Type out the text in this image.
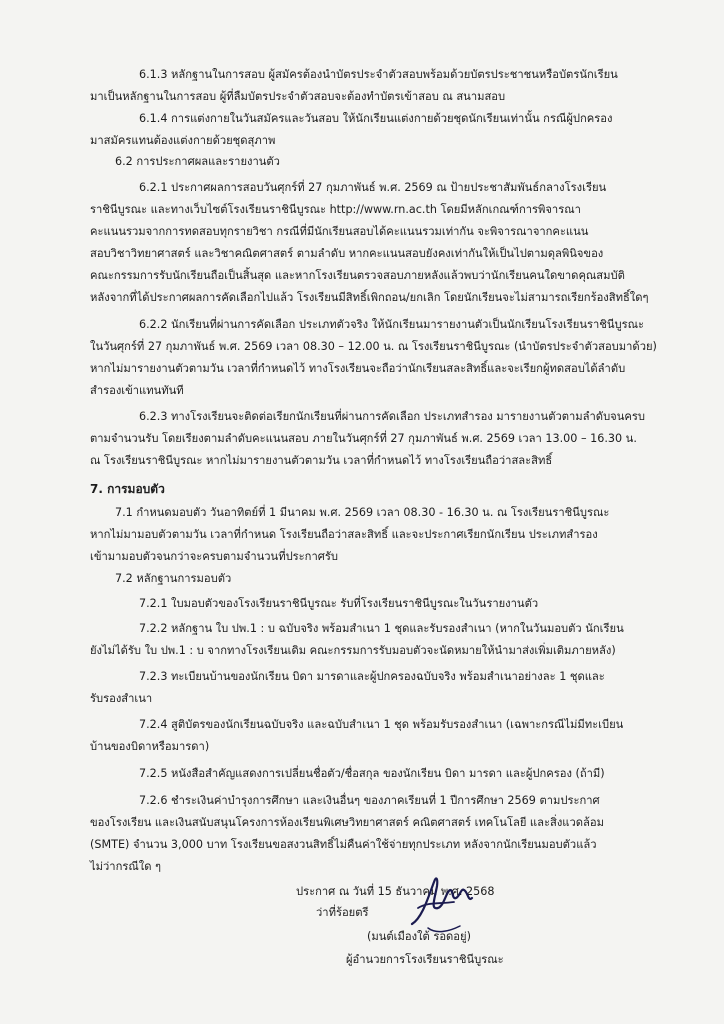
6.1.3 หลักฐานในการสอบ ผู้สมัครต้องนำบัตรประจำตัวสอบพร้อมด้วยบัตรประชาชนหรือบัตรนักเรียน
มาเป็นหลักฐานในการสอบ ผู้ที่ลืมบัตรประจำตัวสอบจะต้องทำบัตรเข้าสอบ ณ สนามสอบ
6.1.4 การแต่งกายในวันสมัครและวันสอบ ให้นักเรียนแต่งกายด้วยชุดนักเรียนเท่านั้น กรณีผู้ปกครอง
มาสมัครแทนต้องแต่งกายด้วยชุดสุภาพ
6.2 การประกาศผลและรายงานตัว
6.2.1 ประกาศผลการสอบวันศุกร์ที่ 27 กุมภาพันธ์ พ.ศ. 2569 ณ ป้ายประชาสัมพันธ์กลางโรงเรียน
ราชินีบูรณะ และทางเว็บไซต์โรงเรียนราชินีบูรณะ http://www.rn.ac.th โดยมีหลักเกณฑ์การพิจารณา
คะแนนรวมจากการทดสอบทุกรายวิชา กรณีที่มีนักเรียนสอบได้คะแนนรวมเท่ากัน จะพิจารณาจากคะแนน
สอบวิชาวิทยาศาสตร์ และวิชาคณิตศาสตร์ ตามลำดับ หากคะแนนสอบยังคงเท่ากันให้เป็นไปตามดุลพินิจของ
คณะกรรมการรับนักเรียนถือเป็นสิ้นสุด และหากโรงเรียนตรวจสอบภายหลังแล้วพบว่านักเรียนคนใดขาดคุณสมบัติ
หลังจากที่ได้ประกาศผลการคัดเลือกไปแล้ว โรงเรียนมีสิทธิ์เพิกถอน/ยกเลิก โดยนักเรียนจะไม่สามารถเรียกร้องสิทธิ์ใดๆ
6.2.2 นักเรียนที่ผ่านการคัดเลือก ประเภทตัวจริง ให้นักเรียนมารายงานตัวเป็นนักเรียนโรงเรียนราชินีบูรณะ
ในวันศุกร์ที่ 27 กุมภาพันธ์ พ.ศ. 2569 เวลา 08.30 – 12.00 น. ณ โรงเรียนราชินีบูรณะ (นำบัตรประจำตัวสอบมาด้วย)
หากไม่มารายงานตัวตามวัน เวลาที่กำหนดไว้ ทางโรงเรียนจะถือว่านักเรียนสละสิทธิ์และจะเรียกผู้ทดสอบได้ลำดับ
สำรองเข้าแทนทันที
6.2.3 ทางโรงเรียนจะติดต่อเรียกนักเรียนที่ผ่านการคัดเลือก ประเภทสำรอง มารายงานตัวตามลำดับจนครบ
ตามจำนวนรับ โดยเรียงตามลำดับคะแนนสอบ ภายในวันศุกร์ที่ 27 กุมภาพันธ์ พ.ศ. 2569 เวลา 13.00 – 16.30 น.
ณ โรงเรียนราชินีบูรณะ หากไม่มารายงานตัวตามวัน เวลาที่กำหนดไว้ ทางโรงเรียนถือว่าสละสิทธิ์
7. การมอบตัว
7.1 กำหนดมอบตัว วันอาทิตย์ที่ 1 มีนาคม พ.ศ. 2569 เวลา 08.30 - 16.30 น. ณ โรงเรียนราชินีบูรณะ
หากไม่มามอบตัวตามวัน เวลาที่กำหนด โรงเรียนถือว่าสละสิทธิ์ และจะประกาศเรียกนักเรียน ประเภทสำรอง
เข้ามามอบตัวจนกว่าจะครบตามจำนวนที่ประกาศรับ
7.2 หลักฐานการมอบตัว
7.2.1 ใบมอบตัวของโรงเรียนราชินีบูรณะ รับที่โรงเรียนราชินีบูรณะในวันรายงานตัว
7.2.2 หลักฐาน ใบ ปพ.1 : บ ฉบับจริง พร้อมสำเนา 1 ชุดและรับรองสำเนา (หากในวันมอบตัว นักเรียน
ยังไม่ได้รับ ใบ ปพ.1 : บ จากทางโรงเรียนเดิม คณะกรรมการรับมอบตัวจะนัดหมายให้นำมาส่งเพิ่มเติมภายหลัง)
7.2.3 ทะเบียนบ้านของนักเรียน บิดา มารดาและผู้ปกครองฉบับจริง พร้อมสำเนาอย่างละ 1 ชุดและ
รับรองสำเนา
7.2.4 สูติบัตรของนักเรียนฉบับจริง และฉบับสำเนา 1 ชุด พร้อมรับรองสำเนา (เฉพาะกรณีไม่มีทะเบียน
บ้านของบิดาหรือมารดา)
7.2.5 หนังสือสำคัญแสดงการเปลี่ยนชื่อตัว/ชื่อสกุล ของนักเรียน บิดา มารดา และผู้ปกครอง (ถ้ามี)
7.2.6 ชำระเงินค่าบำรุงการศึกษา และเงินอื่นๆ ของภาคเรียนที่ 1 ปีการศึกษา 2569 ตามประกาศ
ของโรงเรียน และเงินสนับสนุนโครงการห้องเรียนพิเศษวิทยาศาสตร์ คณิตศาสตร์ เทคโนโลยี และสิ่งแวดล้อม
(SMTE) จำนวน 3,000 บาท โรงเรียนขอสงวนสิทธิ์ไม่คืนค่าใช้จ่ายทุกประเภท หลังจากนักเรียนมอบตัวแล้ว
ไม่ว่ากรณีใด ๆ
ประกาศ ณ วันที่ 15 ธันวาคม พ.ศ. 2568
ว่าที่ร้อยตรี
(มนต์เมืองใต้ รอดอยู่)
ผู้อำนวยการโรงเรียนราชินีบูรณะ
